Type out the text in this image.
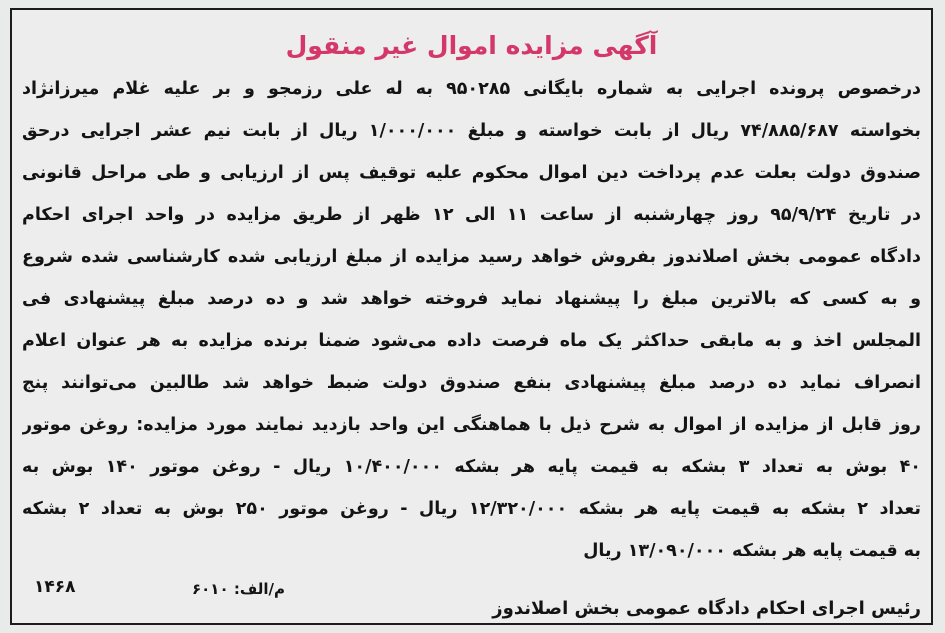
آگهی مزایده اموال غیر منقول
درخصوص پرونده اجرایی به شماره بایگانی ۹۵۰۲۸۵ به له علی رزمجو و بر علیه غلام میرزانژاد
بخواسته ۷۴/۸۸۵/۶۸۷ ریال از بابت خواسته و مبلغ ۱/۰۰۰/۰۰۰ ریال از بابت نیم عشر اجرایی درحق
صندوق دولت بعلت عدم پرداخت دین اموال محکوم علیه توقیف پس از ارزیابی و طی مراحل قانونی
در تاریخ ۹۵/۹/۲۴ روز چهارشنبه از ساعت ۱۱ الی ۱۲ ظهر از طریق مزایده در واحد اجرای احکام
دادگاه عمومی بخش اصلاندوز بفروش خواهد رسید مزایده از مبلغ ارزیابی شده کارشناسی شده شروع
و به کسی که بالاترین مبلغ را پیشنهاد نماید فروخته خواهد شد و ده درصد مبلغ پیشنهادی فی
المجلس اخذ و به مابقی حداکثر یک ماه فرصت داده می‌شود ضمنا برنده مزایده به هر عنوان اعلام
انصراف نماید ده درصد مبلغ پیشنهادی بنفع صندوق دولت ضبط خواهد شد طالبین می‌توانند پنج
روز قابل از مزایده از اموال به شرح ذیل با هماهنگی این واحد بازدید نمایند مورد مزایده: روغن موتور
۴۰ بوش به تعداد ۳ بشکه به قیمت پایه هر بشکه ۱۰/۴۰۰/۰۰۰ ریال - روغن موتور ۱۴۰ بوش به
تعداد ۲ بشکه به قیمت پایه هر بشکه ۱۲/۳۲۰/۰۰۰ ریال - روغن موتور ۲۵۰ بوش به تعداد ۲ بشکه
به قیمت پایه هر بشکه ۱۳/۰۹۰/۰۰۰ ریال
رئیس اجرای احکام دادگاه عمومی بخش اصلاندوز
م/الف: ۶۰۱۰
۱۴۶۸
